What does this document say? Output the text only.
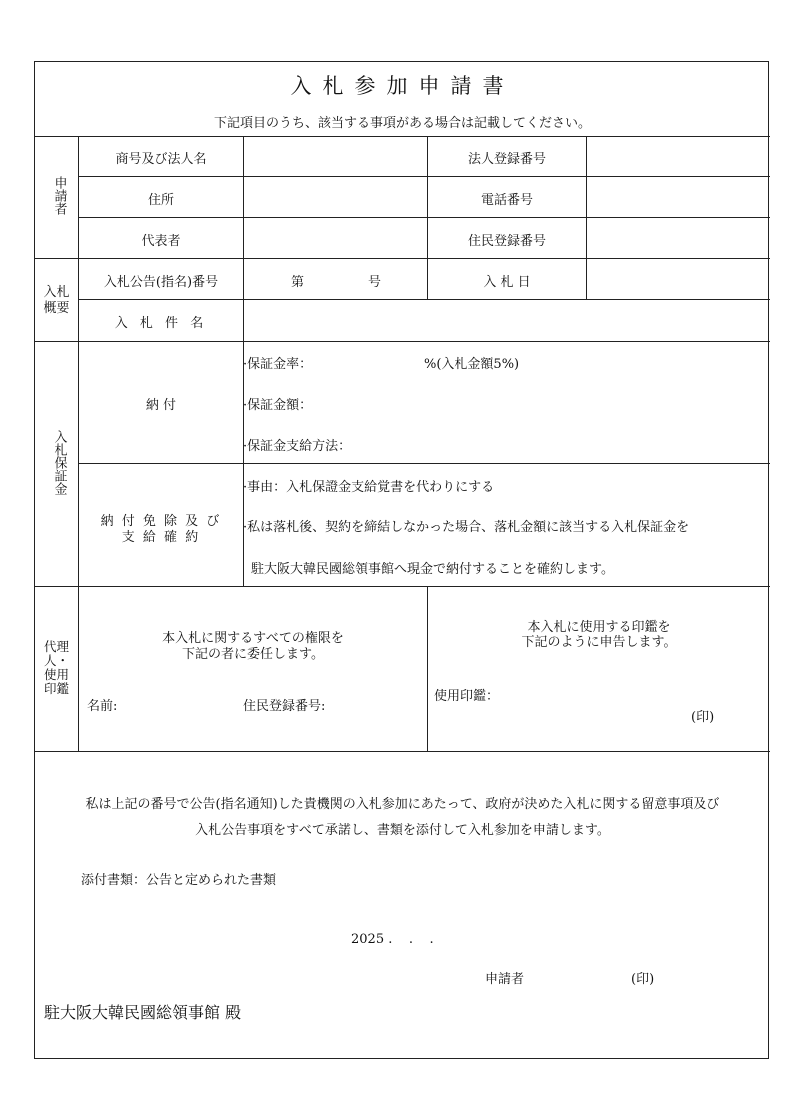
入札参加申請書
下記項目のうち、該当する事項がある場合は記載してください。
申請者
商号及び法人名	法人登録番号
住所	電話番号
代表者	住民登録番号
入札概要
入札公告(指名)番号	第	号	入 札 日
入 札 件 名
入札保証金
納 付
·保証金率：	%(入札金額5%)
·保証金額：
·保証金支給方法：
納 付 免 除 及 び
支 給 確 約
·事由：入札保證金支給覚書を代わりにする
·私は落札後、契約を締結しなかった場合、落札金額に該当する入札保証金を
駐大阪大韓民國総領事館へ現金で納付することを確約します。
代理
人・
使用
印鑑
本入札に関するすべての権限を
下記の者に委任します。
名前:	住民登録番号:
本入札に使用する印鑑を
下記のように申告します。
使用印鑑：
(印)
私は上記の番号で公告(指名通知)した貴機関の入札参加にあたって、政府が決めた入札に関する留意事項及び
入札公告事項をすべて承諾し、書類を添付して入札参加を申請します。
添付書類：公告と定められた書類
2025 .    .    .
申請者	(印)
駐大阪大韓民國総領事館 殿
